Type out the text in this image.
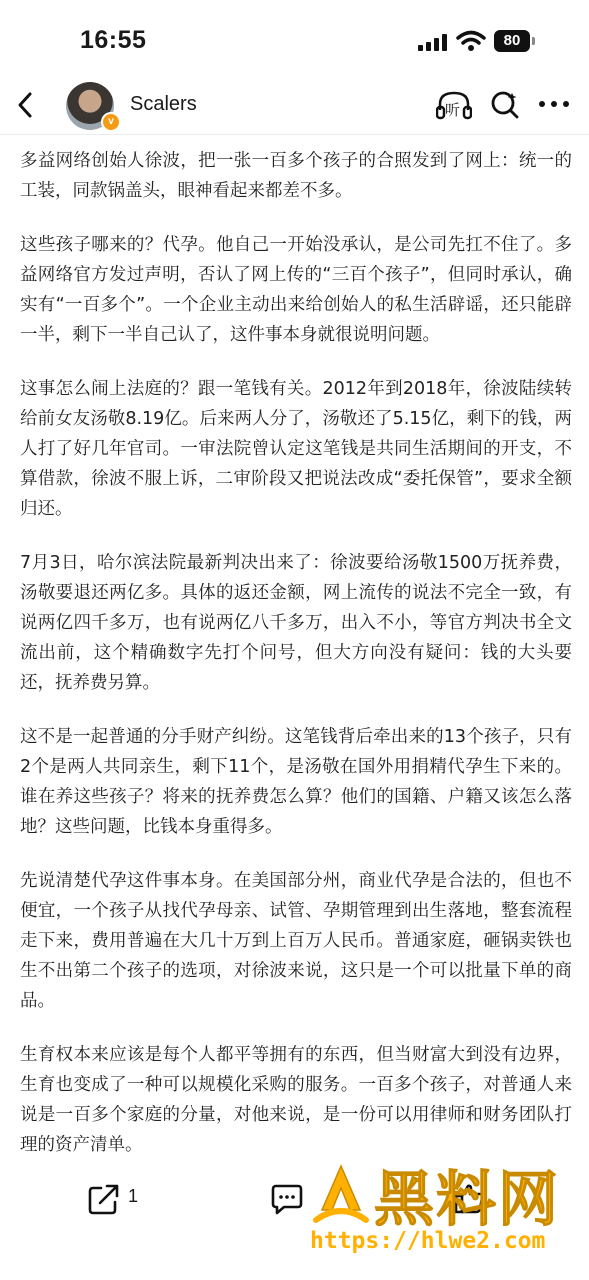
16:55	80
v
Scalers	听

多益网络创始人徐波，把一张一百多个孩子的合照发到了网上：统一的工装，同款锅盖头，眼神看起来都差不多。

这些孩子哪来的？代孕。他自己一开始没承认，是公司先扛不住了。多益网络官方发过声明，否认了网上传的“三百个孩子”，但同时承认，确实有“一百多个”。一个企业主动出来给创始人的私生活辟谣，还只能辟一半，剩下一半自己认了，这件事本身就很说明问题。

这事怎么闹上法庭的？跟一笔钱有关。2012年到2018年，徐波陆续转给前女友汤敬8.19亿。后来两人分了，汤敬还了5.15亿，剩下的钱，两人打了好几年官司。一审法院曾认定这笔钱是共同生活期间的开支，不算借款，徐波不服上诉，二审阶段又把说法改成“委托保管”，要求全额归还。

7月3日，哈尔滨法院最新判决出来了：徐波要给汤敬1500万抚养费，汤敬要退还两亿多。具体的返还金额，网上流传的说法不完全一致，有说两亿四千多万，也有说两亿八千多万，出入不小，等官方判决书全文流出前，这个精确数字先打个问号，但大方向没有疑问：钱的大头要还，抚养费另算。

这不是一起普通的分手财产纠纷。这笔钱背后牵出来的13个孩子，只有2个是两人共同亲生，剩下11个，是汤敬在国外用捐精代孕生下来的。谁在养这些孩子？将来的抚养费怎么算？他们的国籍、户籍又该怎么落地？这些问题，比钱本身重得多。

先说清楚代孕这件事本身。在美国部分州，商业代孕是合法的，但也不便宜，一个孩子从找代孕母亲、试管、孕期管理到出生落地，整套流程走下来，费用普遍在大几十万到上百万人民币。普通家庭，砸锅卖铁也生不出第二个孩子的选项，对徐波来说，这只是一个可以批量下单的商品。

生育权本来应该是每个人都平等拥有的东西，但当财富大到没有边界，生育也变成了一种可以规模化采购的服务。一百多个孩子，对普通人来说是一百多个家庭的分量，对他来说，是一份可以用律师和财务团队打理的资产清单。

1	黑料网
https://hlwe2.com
